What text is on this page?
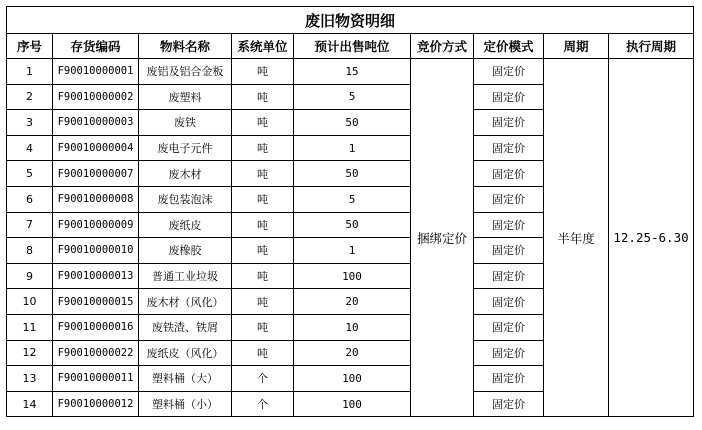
废旧物资明细								
序号	存货编码	物料名称	系统单位	预计出售吨位	竞价方式	定价模式	周期	执行周期
1	F90010000001	废铝及铝合金板	吨	15	捆绑定价	固定价	半年度	12.25-6.30
2	F90010000002	废塑料	吨	5		固定价		
3	F90010000003	废铁	吨	50		固定价		
4	F90010000004	废电子元件	吨	1		固定价		
5	F90010000007	废木材	吨	50		固定价		
6	F90010000008	废包装泡沫	吨	5		固定价		
7	F90010000009	废纸皮	吨	50		固定价		
8	F90010000010	废橡胶	吨	1		固定价		
9	F90010000013	普通工业垃圾	吨	100		固定价		
10	F90010000015	废木材（风化）	吨	20		固定价		
11	F90010000016	废铁渣、铁屑	吨	10		固定价		
12	F90010000022	废纸皮（风化）	吨	20		固定价		
13	F90010000011	塑料桶（大）	个	100		固定价		
14	F90010000012	塑料桶（小）	个	100		固定价		
